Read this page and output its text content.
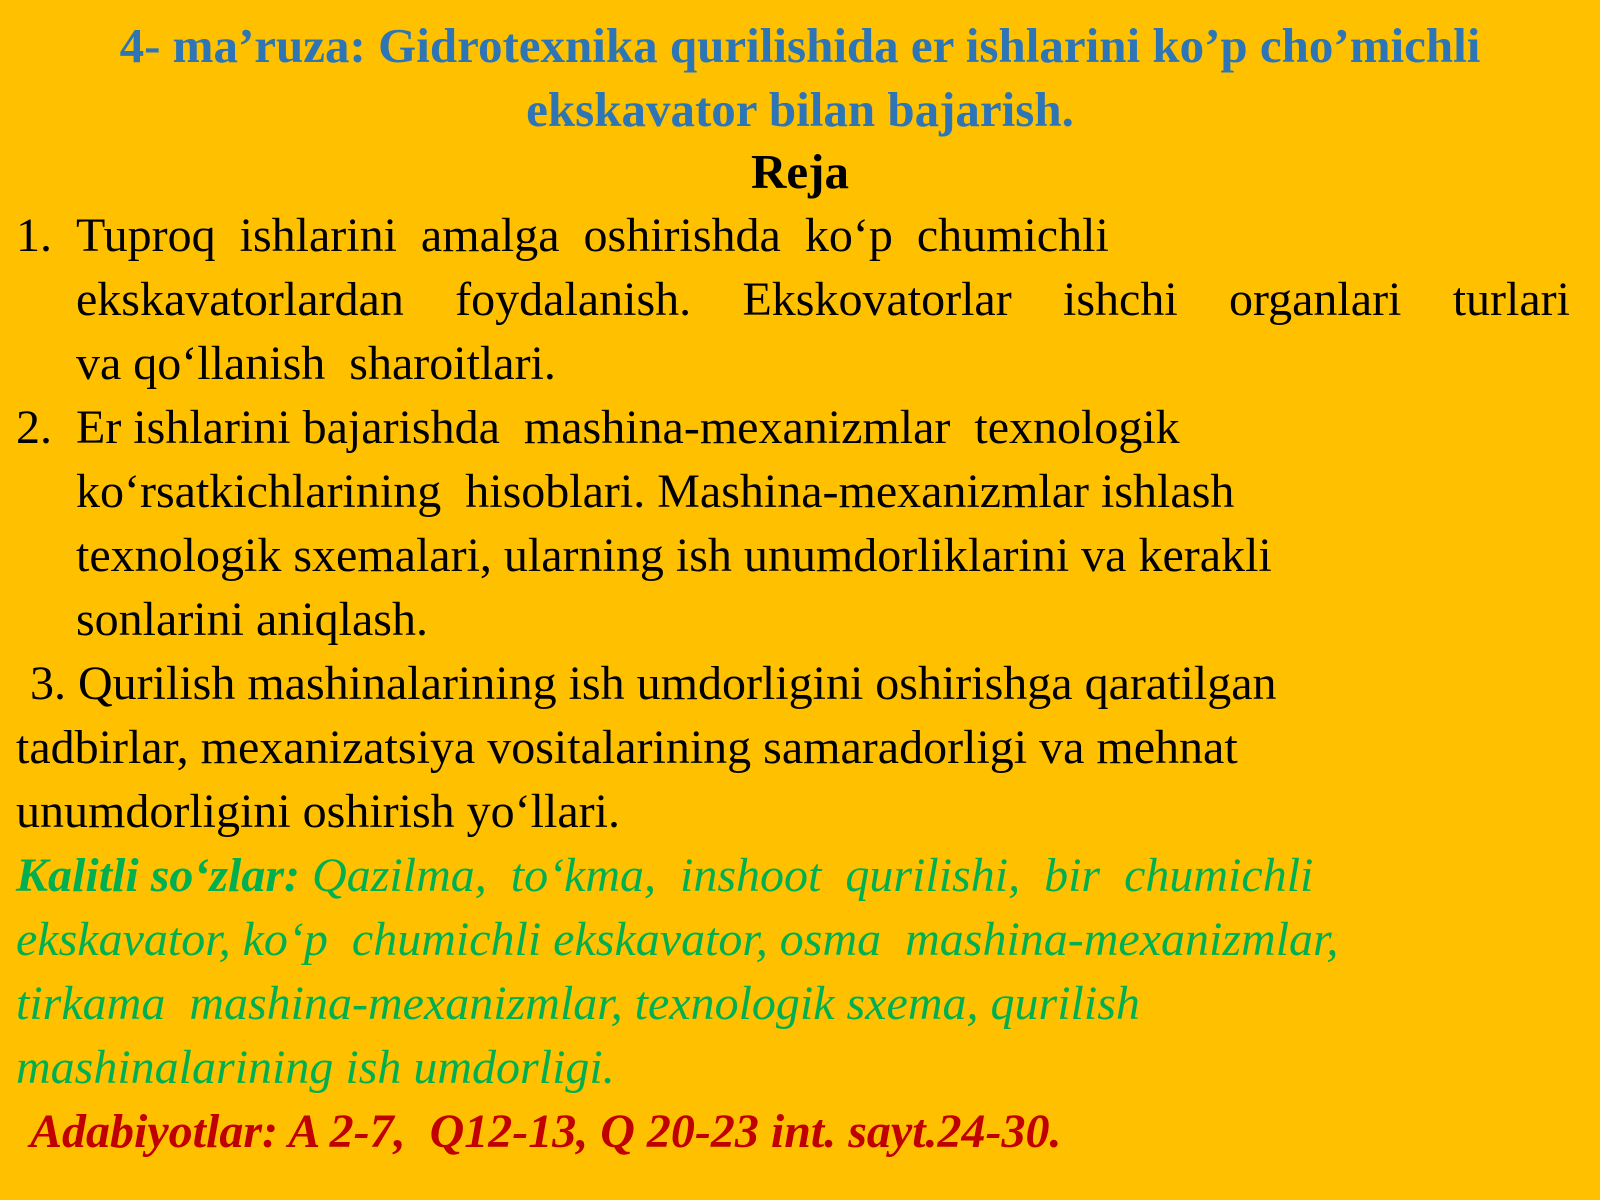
4- ma’ruza: Gidrotexnika qurilishida er ishlarini ko’p cho’michli
ekskavator bilan bajarish.
Reja
1. Tuproq  ishlarini  amalga  oshirishda  ko‘p  chumichli
ekskavatorlardan foydalanish. Ekskovatorlar ishchi organlari turlari
va qo‘llanish  sharoitlari.
2. Er ishlarini bajarishda  mashina-mexanizmlar  texnologik
ko‘rsatkichlarining  hisoblari. Mashina-mexanizmlar ishlash
texnologik sxemalari, ularning ish unumdorliklarini va kerakli
sonlarini aniqlash.
3. Qurilish mashinalarining ish umdorligini oshirishga qaratilgan
tadbirlar, mexanizatsiya vositalarining samaradorligi va mehnat
unumdorligini oshirish yo‘llari.
Kalitli so‘zlar: Qazilma,  to‘kma,  inshoot  qurilishi,  bir  chumichli
ekskavator, ko‘p  chumichli ekskavator, osma  mashina-mexanizmlar,
tirkama  mashina-mexanizmlar, texnologik sxema, qurilish
mashinalarining ish umdorligi.
Adabiyotlar: A 2-7,  Q12-13, Q 20-23 int. sayt.24-30.
